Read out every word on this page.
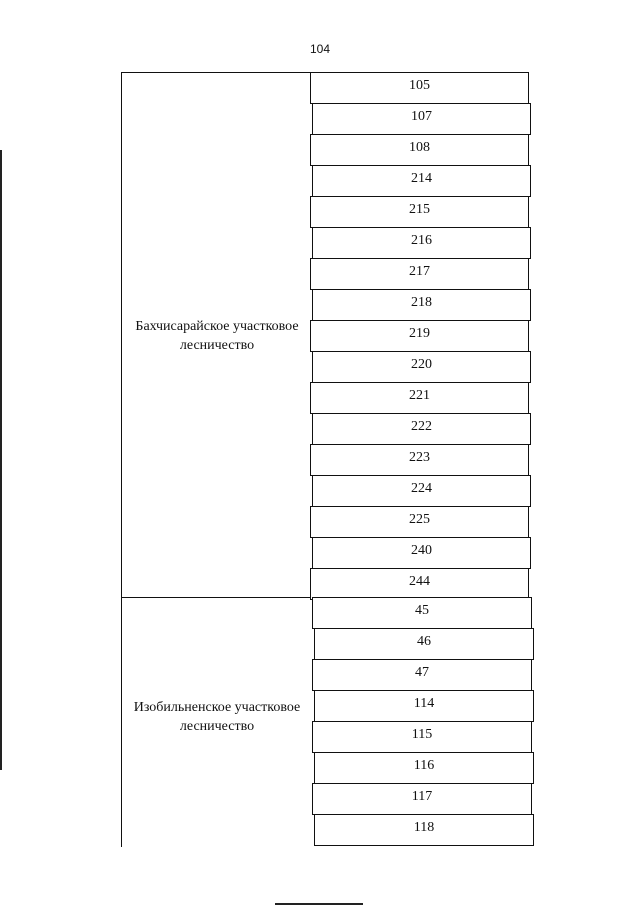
104
Бахчисарайское участковое лесничество
Изобильненское участковое лесничество
105
107
108
214
215
216
217
218
219
220
221
222
223
224
225
240
244
45
46
47
114
115
116
117
118
